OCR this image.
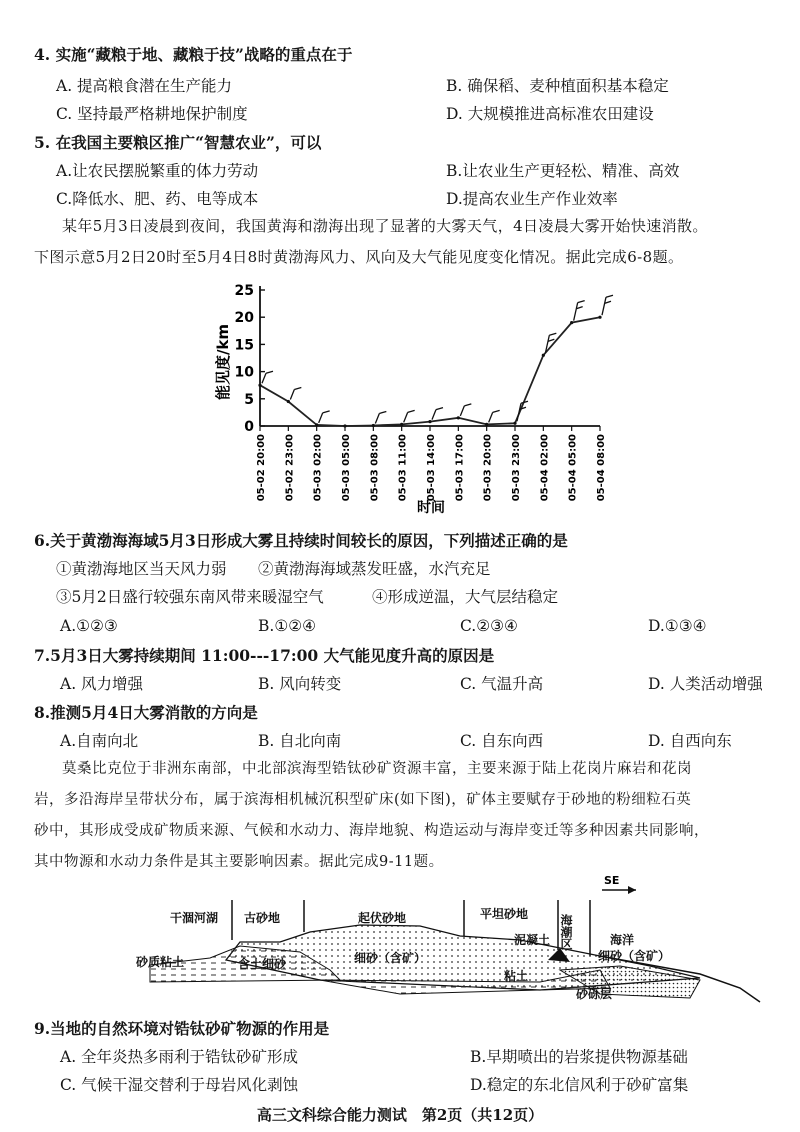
4. 实施“藏粮于地、藏粮于技”战略的重点在于
A. 提高粮食潜在生产能力	B. 确保稻、麦种植面积基本稳定
C. 坚持最严格耕地保护制度	D. 大规模推进高标准农田建设
5. 在我国主要粮区推广“智慧农业”，可以
A.让农民摆脱繁重的体力劳动	B.让农业生产更轻松、精准、高效
C.降低水、肥、药、电等成本	D.提高农业生产作业效率
某年5月3日凌晨到夜间，我国黄海和渤海出现了显著的大雾天气，4日凌晨大雾开始快速消散。
下图示意5月2日20时至5月4日8时黄渤海风力、风向及大气能见度变化情况。据此完成6-8题。
0
5
10
15
20
25
05-02 20:00 05-02 23:00 05-03 02:00 05-03 05:00 05-03 08:00 05-03 11:00 05-03 14:00 05-03 17:00 05-03 20:00 05-03 23:00 05-04 02:00 05-04 05:00 05-04 08:00
能见度/km
时间
6.关于黄渤海海域5月3日形成大雾且持续时间较长的原因，下列描述正确的是
①黄渤海地区当天风力弱 ②黄渤海海域蒸发旺盛，水汽充足
③5月2日盛行较强东南风带来暖湿空气	④形成逆温，大气层结稳定
A.①②③	B.①②④	C.②③④	D.①③④
7.5月3日大雾持续期间 11:00---17:00 大气能见度升高的原因是
A. 风力增强	B. 风向转变	C. 气温升高	D. 人类活动增强
8.推测5月4日大雾消散的方向是
A.自南向北	B. 自北向南	C. 自东向西	D. 自西向东
莫桑比克位于非洲东南部，中北部滨海型锆钛砂矿资源丰富，主要来源于陆上花岗片麻岩和花岗
岩，多沿海岸呈带状分布，属于滨海相机械沉积型矿床(如下图)，矿体主要赋存于砂地的粉细粒石英
砂中，其形成受成矿物质来源、气候和水动力、海岸地貌、构造运动与海岸变迁等多种因素共同影响，
其中物源和水动力条件是其主要影响因素。据此完成9-11题。
SE
干涸河湖 古砂地	起伏砂地	平坦砂地	海潮区	海洋
砂质粘土	含土细砂	细砂（含矿）
泥凝土
细砂（含矿）
砂砾层
粘土
9.当地的自然环境对锆钛砂矿物源的作用是
A. 全年炎热多雨利于锆钛砂矿形成	B.早期喷出的岩浆提供物源基础
C. 气候干湿交替利于母岩风化剥蚀	D.稳定的东北信风利于砂矿富集
高三文科综合能力测试　第2页（共12页）
